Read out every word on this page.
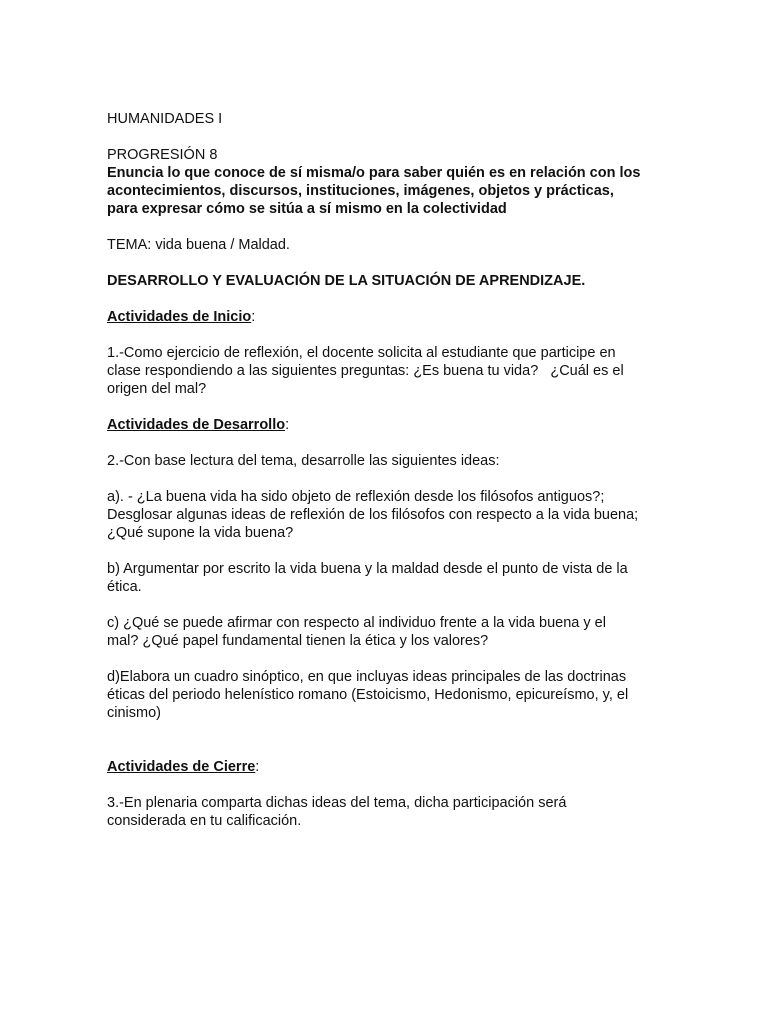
HUMANIDADES I

PROGRESIÓN 8

Enuncia lo que conoce de sí misma/o para saber quién es en relación con los

acontecimientos, discursos, instituciones, imágenes, objetos y prácticas,

para expresar cómo se sitúa a sí mismo en la colectividad

TEMA: vida buena / Maldad.

DESARROLLO Y EVALUACIÓN DE LA SITUACIÓN DE APRENDIZAJE.

Actividades de Inicio:

1.-Como ejercicio de reflexión, el docente solicita al estudiante que participe en

clase respondiendo a las siguientes preguntas: ¿Es buena tu vida?   ¿Cuál es el

origen del mal?

Actividades de Desarrollo:

2.-Con base lectura del tema, desarrolle las siguientes ideas:

a). - ¿La buena vida ha sido objeto de reflexión desde los filósofos antiguos?;

Desglosar algunas ideas de reflexión de los filósofos con respecto a la vida buena;

¿Qué supone la vida buena?

b) Argumentar por escrito la vida buena y la maldad desde el punto de vista de la

ética.

c) ¿Qué se puede afirmar con respecto al individuo frente a la vida buena y el

mal? ¿Qué papel fundamental tienen la ética y los valores?

d)Elabora un cuadro sinóptico, en que incluyas ideas principales de las doctrinas

éticas del periodo helenístico romano (Estoicismo, Hedonismo, epicureísmo, y, el

cinismo)

Actividades de Cierre:

3.-En plenaria comparta dichas ideas del tema, dicha participación será

considerada en tu calificación.
